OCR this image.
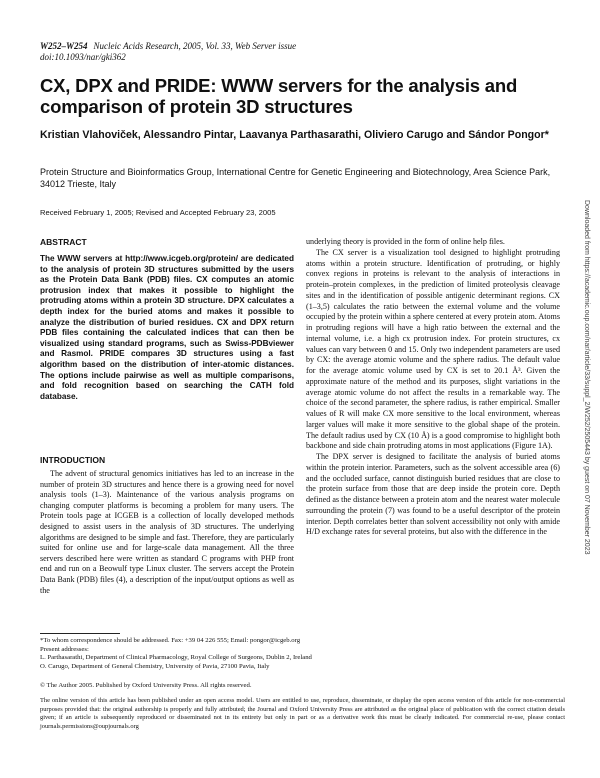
W252–W254 Nucleic Acids Research, 2005, Vol. 33, Web Server issue
doi:10.1093/nar/gki362
CX, DPX and PRIDE: WWW servers for the analysis and comparison of protein 3D structures

Kristian Vlahoviček, Alessandro Pintar, Laavanya Parthasarathi, Oliviero Carugo and Sándor Pongor*

Protein Structure and Bioinformatics Group, International Centre for Genetic Engineering and Biotechnology, Area Science Park, 34012 Trieste, Italy

Received February 1, 2005; Revised and Accepted February 23, 2005

ABSTRACT

The WWW servers at http://www.icgeb.org/protein/ are dedicated to the analysis of protein 3D structures submitted by the users as the Protein Data Bank (PDB) files. CX computes an atomic protrusion index that makes it possible to highlight the protruding atoms within a protein 3D structure. DPX calculates a depth index for the buried atoms and makes it possible to analyze the distribution of buried residues. CX and DPX return PDB files containing the calculated indices that can then be visualized using standard programs, such as Swiss-PDBviewer and Rasmol. PRIDE compares 3D structures using a fast algorithm based on the distribution of inter-atomic distances. The options include pairwise as well as multiple comparisons, and fold recognition based on searching the CATH fold database.

INTRODUCTION

The advent of structural genomics initiatives has led to an increase in the number of protein 3D structures and hence there is a growing need for novel analysis tools (1–3). Maintenance of the various analysis programs on changing computer platforms is becoming a problem for many users. The Protein tools page at ICGEB is a collection of locally developed methods designed to assist users in the analysis of 3D structures. The underlying algorithms are designed to be simple and fast. Therefore, they are particularly suited for online use and for large-scale data management. All the three servers described here were written as standard C programs with PHP front end and run on a Beowulf type Linux cluster. The servers accept the Protein Data Bank (PDB) files (4), a description of the input/output options as well as the

underlying theory is provided in the form of online help files.

The CX server is a visualization tool designed to highlight protruding atoms within a protein structure. Identification of protruding, or highly convex regions in proteins is relevant to the analysis of interactions in protein–protein complexes, in the prediction of limited proteolysis cleavage sites and in the identification of possible antigenic determinant regions. CX (1–3,5) calculates the ratio between the external volume and the volume occupied by the protein within a sphere centered at every protein atom. Atoms in protruding regions will have a high ratio between the external and the internal volume, i.e. a high cx protrusion index. For protein structures, cx values can vary between 0 and 15. Only two independent parameters are used by CX: the average atomic volume and the sphere radius. The default value for the average atomic volume used by CX is set to 20.1 Å³. Given the approximate nature of the method and its purposes, slight variations in the average atomic volume do not affect the results in a remarkable way. The choice of the second parameter, the sphere radius, is rather empirical. Smaller values of R will make CX more sensitive to the local environment, whereas larger values will make it more sensitive to the global shape of the protein. The default radius used by CX (10 Å) is a good compromise to highlight both backbone and side chain protruding atoms in most applications (Figure 1A).

The DPX server is designed to facilitate the analysis of buried atoms within the protein interior. Parameters, such as the solvent accessible area (6) and the occluded surface, cannot distinguish buried residues that are close to the protein surface from those that are deep inside the protein core. Depth defined as the distance between a protein atom and the nearest water molecule surrounding the protein (7) was found to be a useful descriptor of the protein interior. Depth correlates better than solvent accessibility not only with amide H/D exchange rates for several proteins, but also with the difference in the

*To whom correspondence should be addressed. Fax: +39 04 226 555; Email: pongor@icgeb.org

Present addresses:

L. Parthasarathi, Department of Clinical Pharmacology, Royal College of Surgeons, Dublin 2, Ireland

O. Carugo, Department of General Chemistry, University of Pavia, 27100 Pavia, Italy

© The Author 2005. Published by Oxford University Press. All rights reserved.

The online version of this article has been published under an open access model. Users are entitled to use, reproduce, disseminate, or display the open access version of this article for non-commercial purposes provided that: the original authorship is properly and fully attributed; the Journal and Oxford University Press are attributed as the original place of publication with the correct citation details given; if an article is subsequently reproduced or disseminated not in its entirety but only in part or as a derivative work this must be clearly indicated. For commercial re-use, please contact journals.permissions@oupjournals.org

Downloaded from https://academic.oup.com/nar/article/33/suppl_2/W252/2505443 by guest on 07 November 2023
